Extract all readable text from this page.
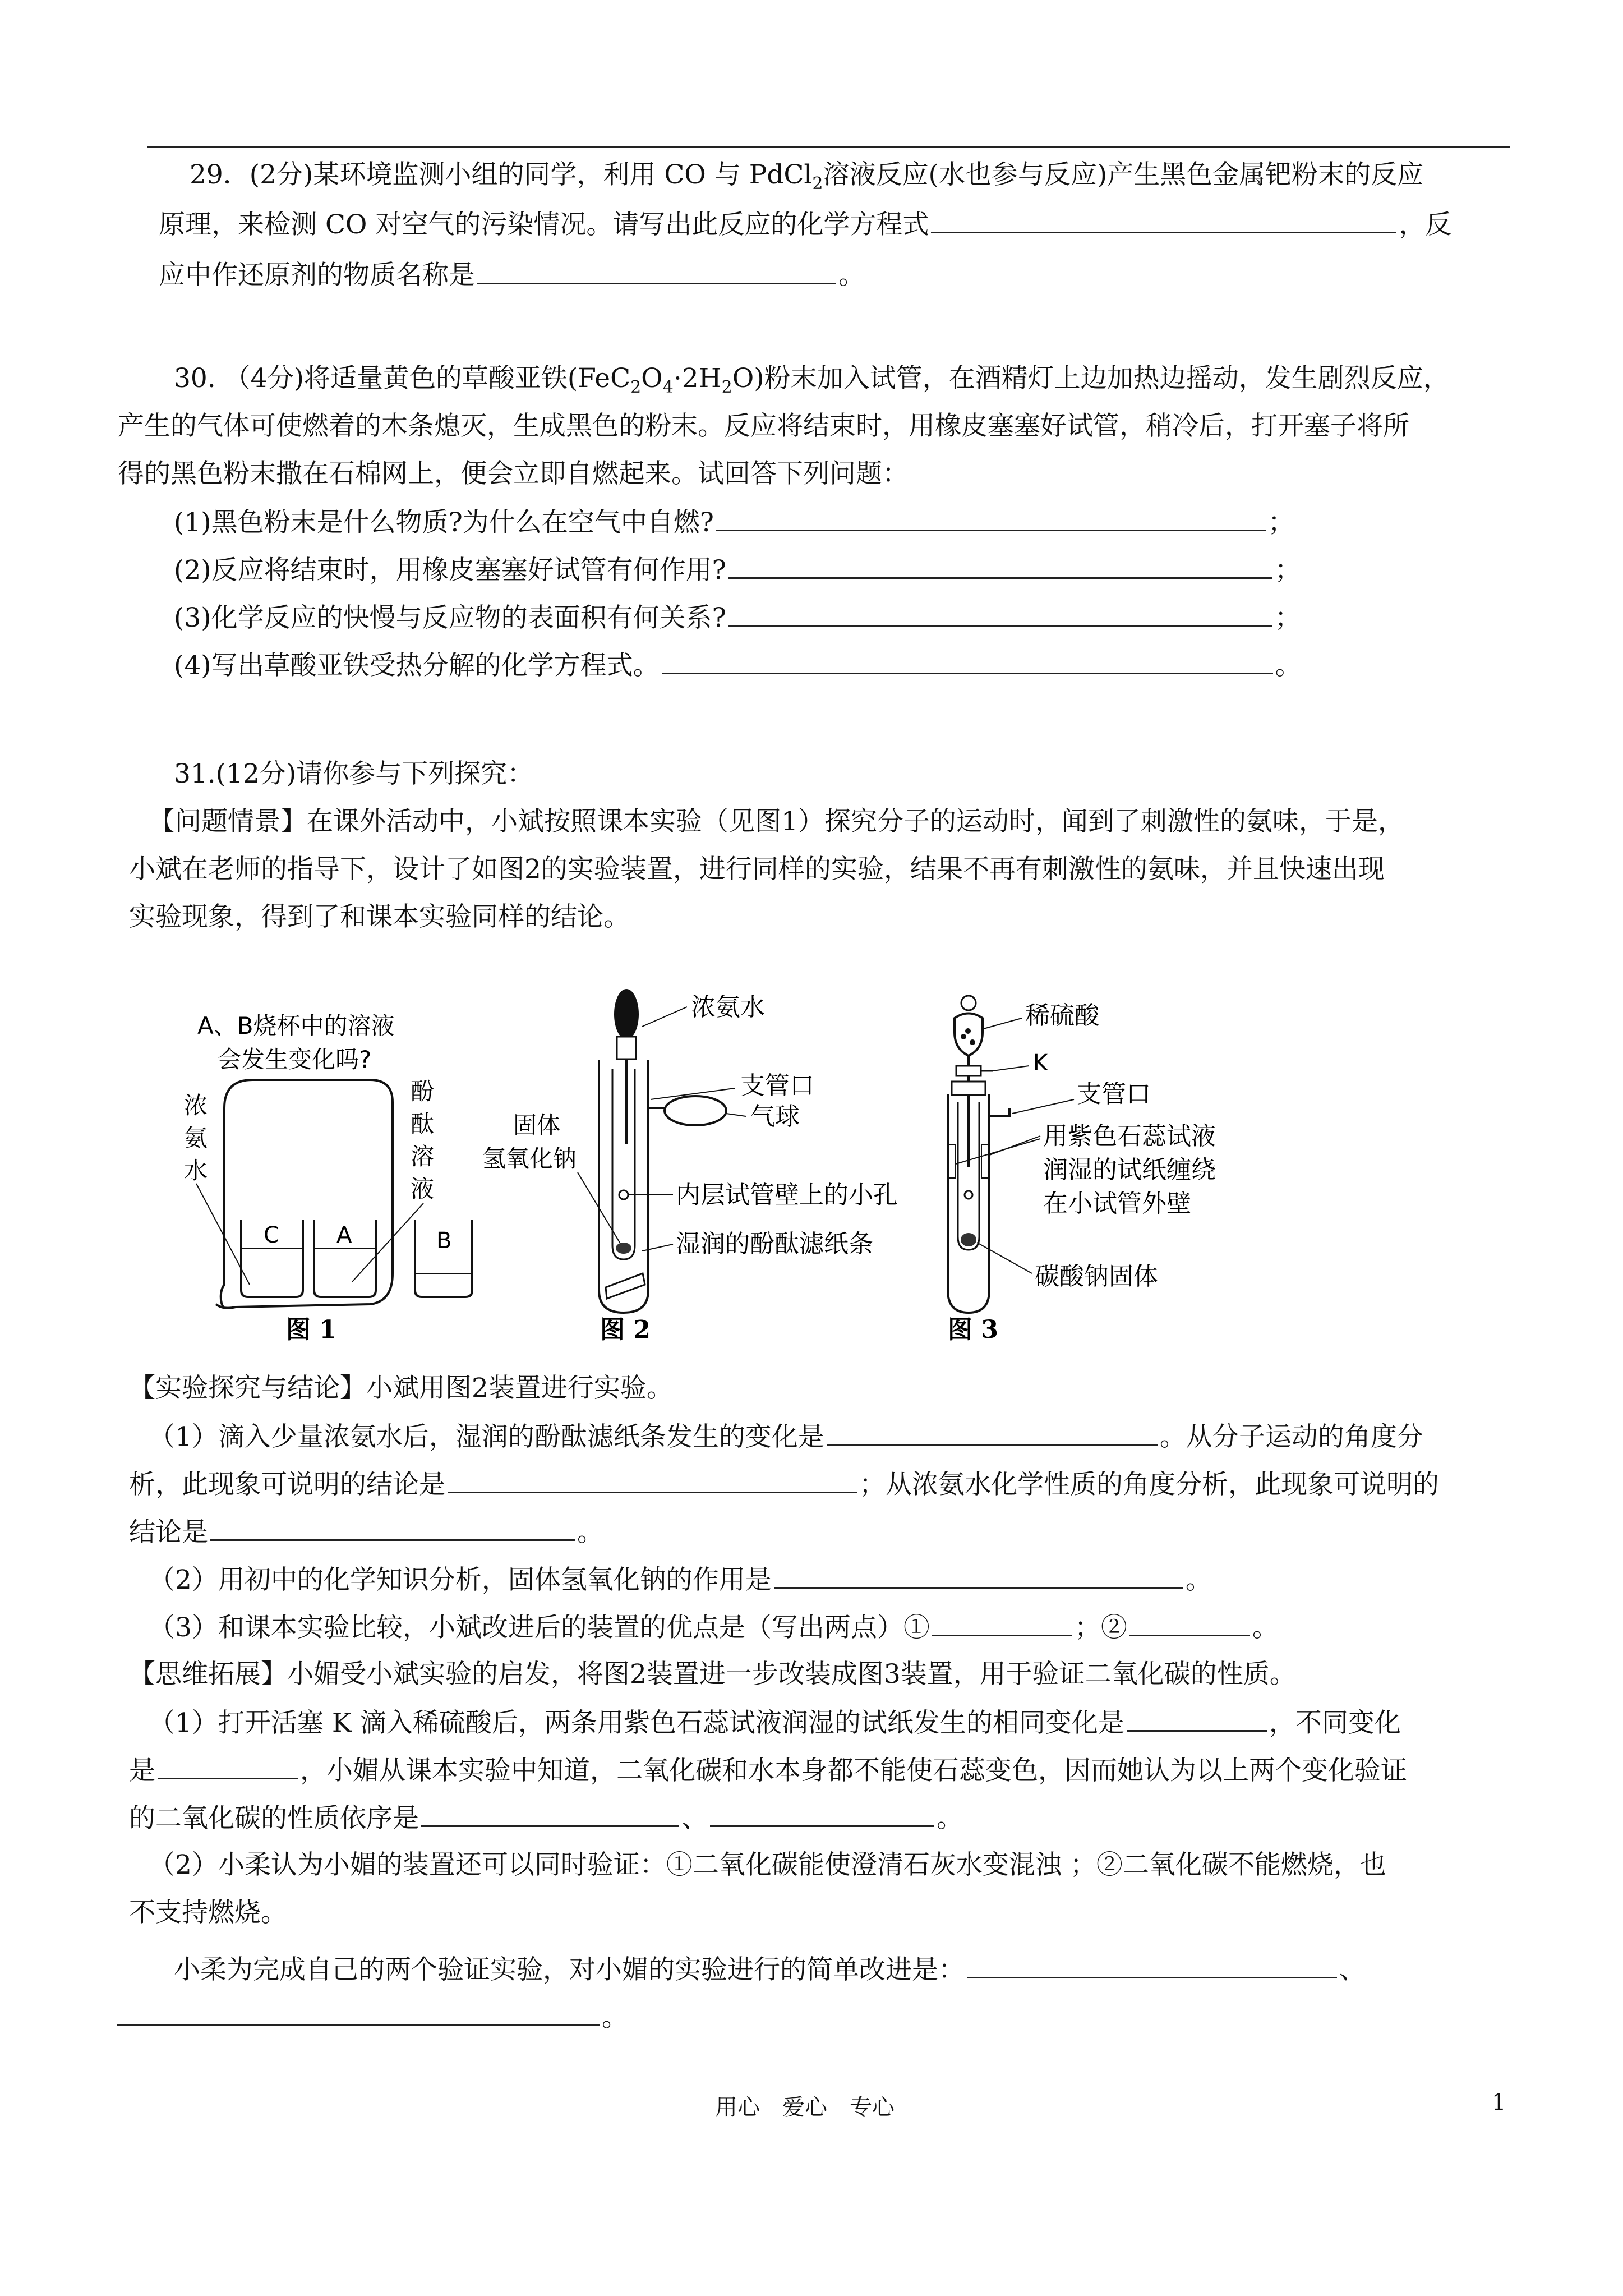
29．(2分)某环境监测小组的同学，利用 CO 与 PdCl$_2$溶液反应(水也参与反应)产生黑色金属钯粉末的反应
原理，来检测 CO 对空气的污染情况。请写出此反应的化学方程式	，反
应中作还原剂的物质名称是	。
30. （4分)将适量黄色的草酸亚铁$(FeC_2O_4\cdot 2H_2O)$粉末加入试管，在酒精灯上边加热边摇动，发生剧烈反应，
产生的气体可使燃着的木条熄灭，生成黑色的粉末。反应将结束时，用橡皮塞塞好试管，稍冷后，打开塞子将所
得的黑色粉末撒在石棉网上，便会立即自燃起来。试回答下列问题：
(1)黑色粉末是什么物质?为什么在空气中自燃?	；
(2)反应将结束时，用橡皮塞塞好试管有何作用?	；
(3)化学反应的快慢与反应物的表面积有何关系?	；
(4)写出草酸亚铁受热分解的化学方程式。	。
31.(12分)请你参与下列探究：
【问题情景】在课外活动中，小斌按照课本实验（见图1）探究分子的运动时，闻到了刺激性的氨味，于是，
小斌在老师的指导下，设计了如图2的实验装置，进行同样的实验，结果不再有刺激性的氨味，并且快速出现
实验现象，得到了和课本实验同样的结论。
A、B烧杯中的溶液
会发生变化吗?
浓
氨
水
酚
酞
溶
液
C	A	B
图 1
浓氨水
支管口
气球
固体
氢氧化钠
内层试管壁上的小孔
湿润的酚酞滤纸条
图 2
稀硫酸
K
支管口
用紫色石蕊试液
润湿的试纸缠绕
在小试管外壁
碳酸钠固体
图 3
【实验探究与结论】小斌用图2装置进行实验。
（1）滴入少量浓氨水后，湿润的酚酞滤纸条发生的变化是	。从分子运动的角度分
析，此现象可说明的结论是	；从浓氨水化学性质的角度分析，此现象可说明的
结论是	。
（2）用初中的化学知识分析，固体氢氧化钠的作用是	。
（3）和课本实验比较，小斌改进后的装置的优点是（写出两点）①	；②	。
【思维拓展】小媚受小斌实验的启发，将图2装置进一步改装成图3装置，用于验证二氧化碳的性质。
（1）打开活塞 K 滴入稀硫酸后，两条用紫色石蕊试液润湿的试纸发生的相同变化是	，不同变化
是	，小媚从课本实验中知道，二氧化碳和水本身都不能使石蕊变色，因而她认为以上两个变化验证
的二氧化碳的性质依序是	、	。
（2）小柔认为小媚的装置还可以同时验证：①二氧化碳能使澄清石灰水变混浊 ；②二氧化碳不能燃烧，也
不支持燃烧。
小柔为完成自己的两个验证实验，对小媚的实验进行的简单改进是：	、
。
用心　爱心　专心	1
